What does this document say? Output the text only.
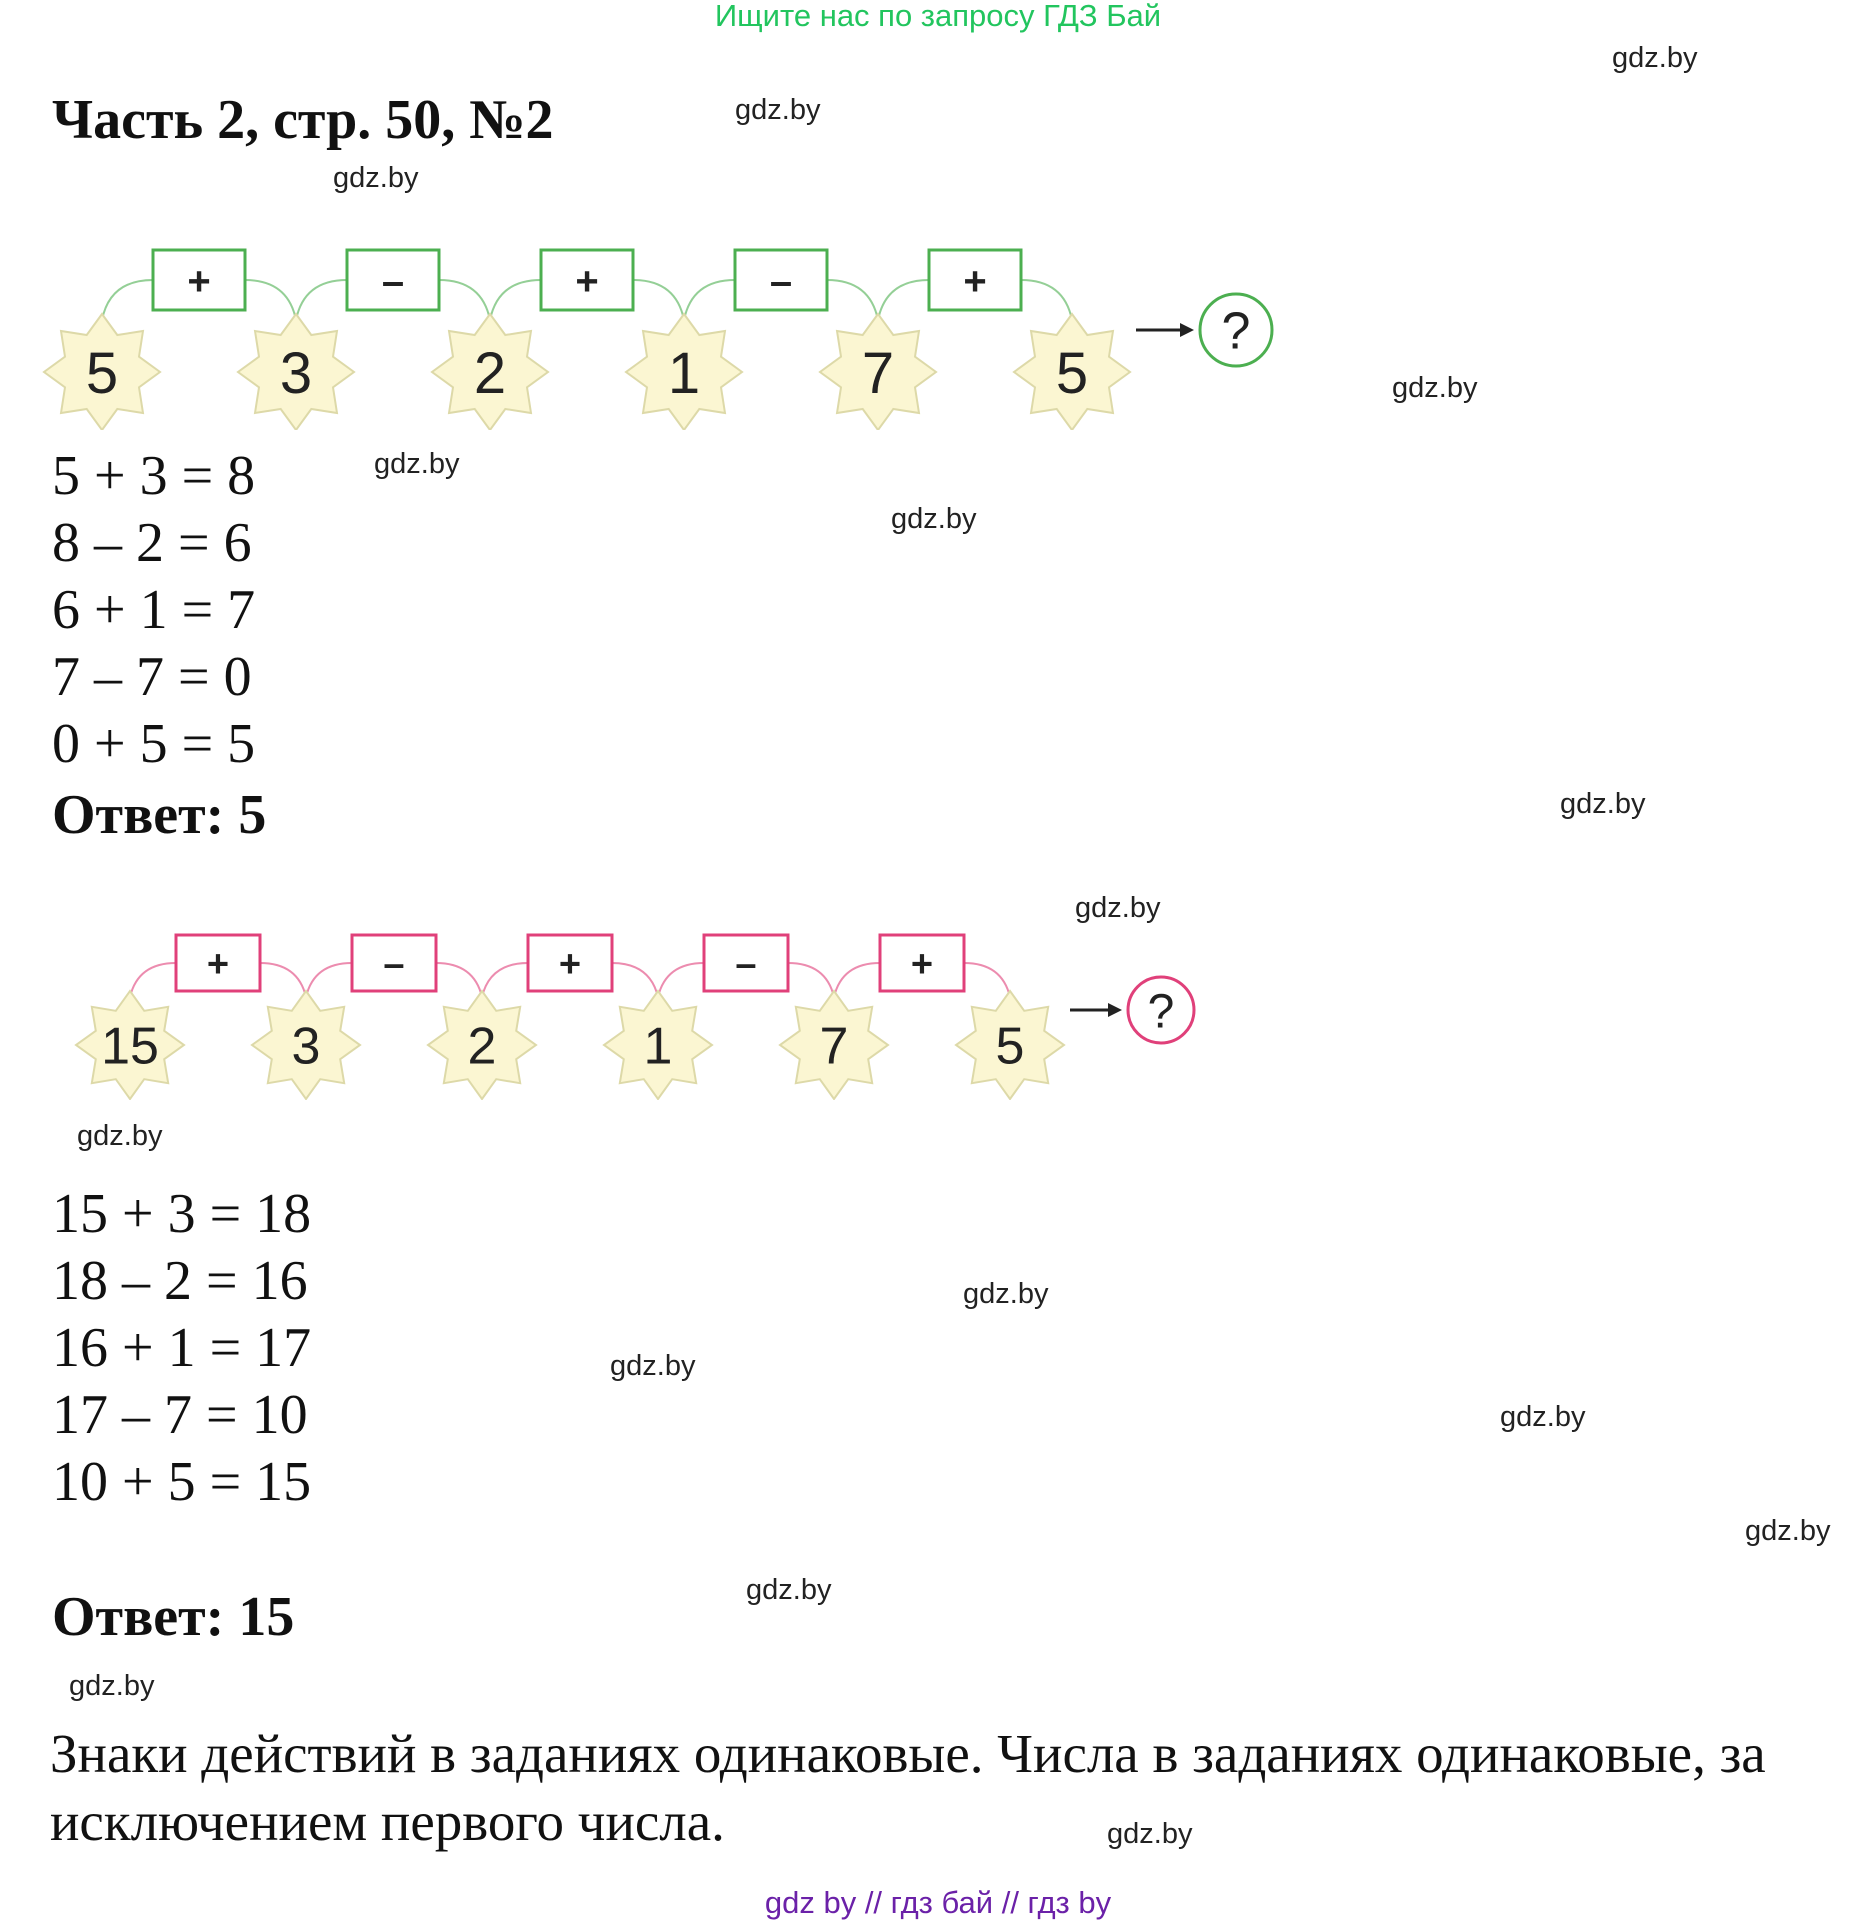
Ищите нас по запросу ГДЗ Бай
Часть 2, стр. 50, №2
gdz.by
gdz.by
gdz.by
gdz.by
gdz.by
gdz.by
gdz.by
gdz.by
gdz.by
gdz.by
gdz.by
gdz.by
gdz.by
gdz.by
gdz.by
gdz.by
+	–	+	–	+
5	3	2	1	7	5
?
5 + 3 = 8
8 – 2 = 6
6 + 1 = 7
7 – 7 = 0
0 + 5 = 5
Ответ: 5
+	–	+	–	+
15	3	2	1	7	5
?
15 + 3 = 18
18 – 2 = 16
16 + 1 = 17
17 – 7 = 10
10 + 5 = 15
Ответ: 15
Знаки действий в заданиях одинаковые. Числа в заданиях одинаковые, за исключением первого числа.
gdz by // гдз бай // гдз by
